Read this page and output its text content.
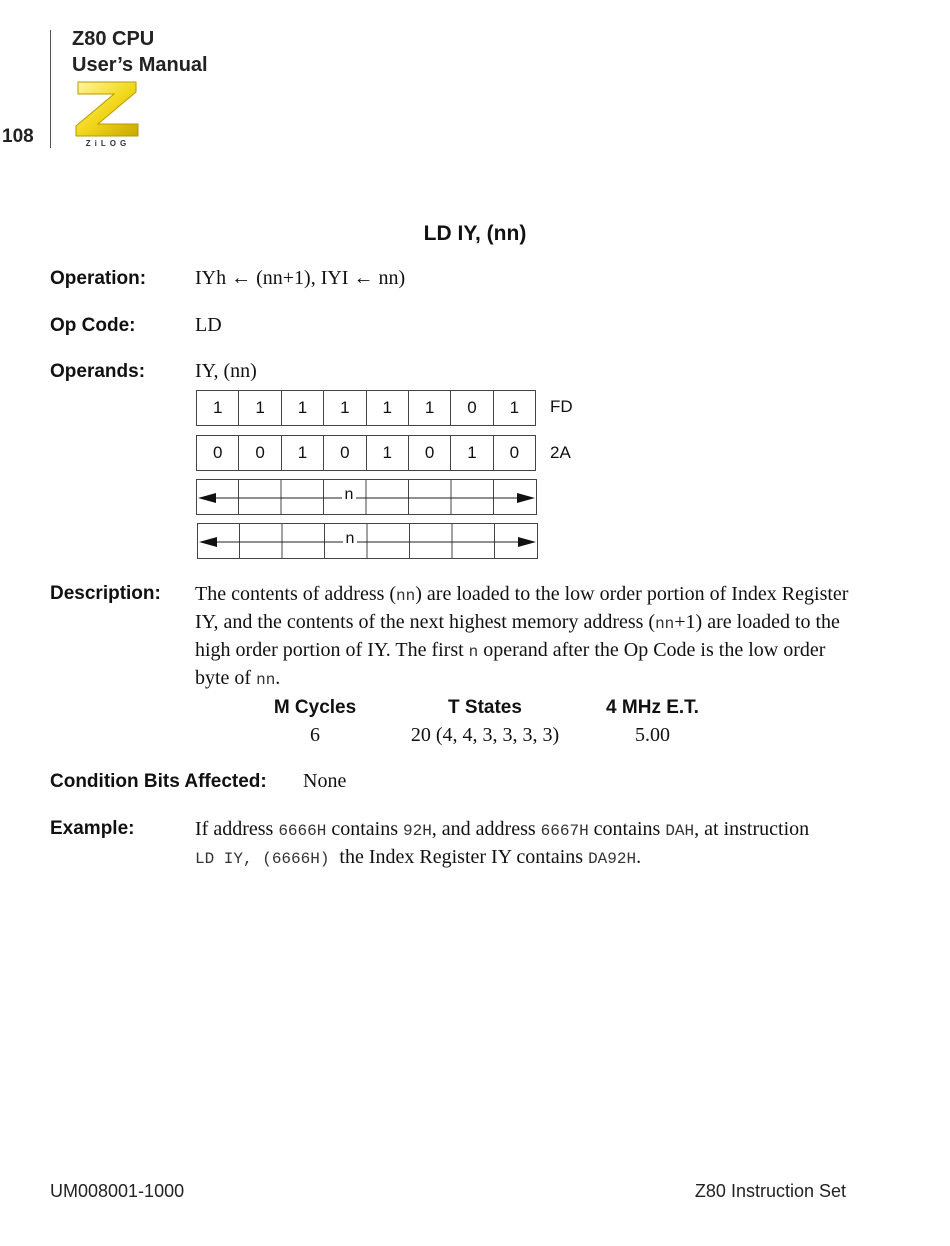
Z80 CPU
User’s Manual
108	ZiLOG
LD IY, (nn)
Operation: IYh ← (nn+1), IYI ← nn)
Op Code:	LD
Operands: IY, (nn)
1	1	1	1	1	1	0	1	FD
0	0	1	0	1	0	1	0	2A
n
n
Description: The contents of address (nn) are loaded to the low order portion of Index Register IY, and the contents of the next highest memory address (nn+1) are loaded to the high order portion of IY. The first n operand after the Op Code is the low order byte of nn.
M Cycles	T States	4 MHz E.T.
6	20 (4, 4, 3, 3, 3, 3)	5.00
Condition Bits Affected: None
Example:	If address 6666H contains 92H, and address 6667H contains DAH, at instruction LD IY, (6666H)  the Index Register IY contains DA92H.
UM008001-1000	Z80 Instruction Set
